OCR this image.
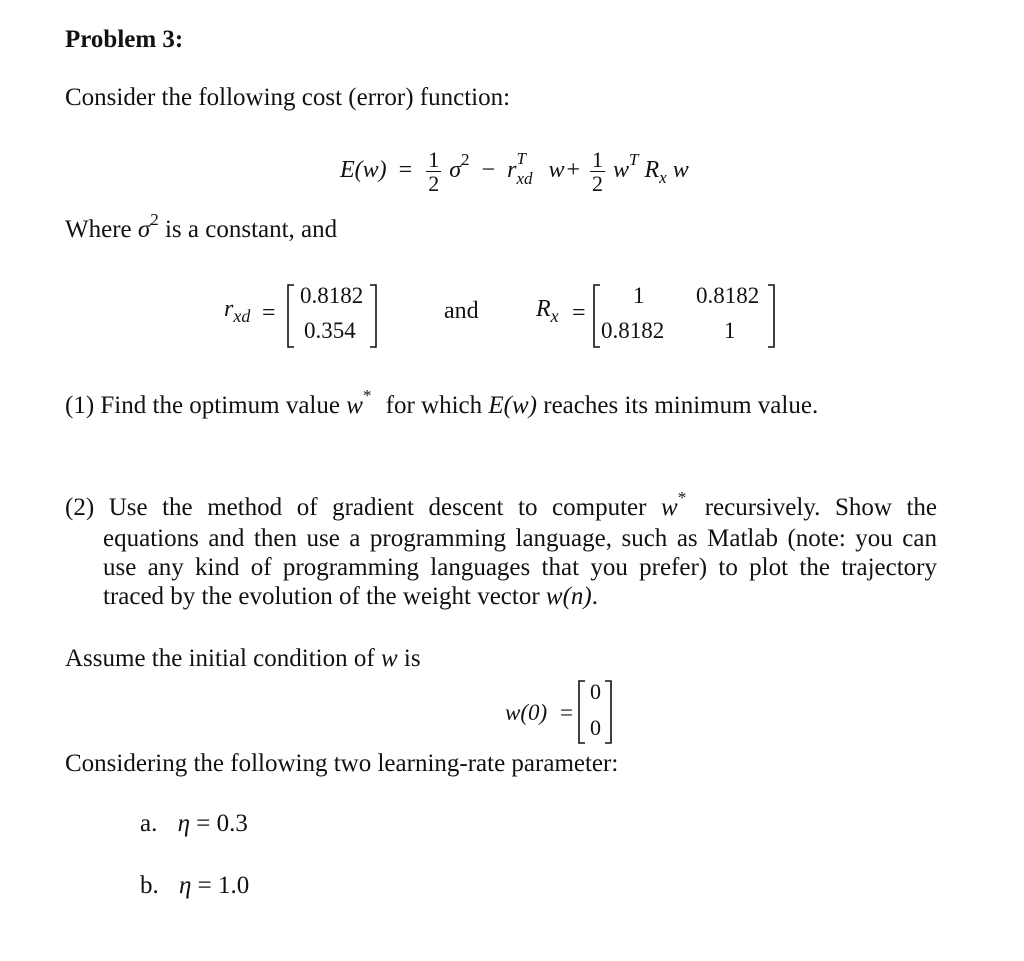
Problem 3:
Consider the following cost (error) function:
$E(w) = \frac{1}{2} \sigma^2 - r$ T
xd $w+ \frac{1}{2} w^T$ $R_x$ w
Where $\sigma^2$ is a constant, and
$r_{xd}$ =
0.8182
0.354
and $R_x$ =
1 0.8182
0.8182	1
(1) Find the optimum value w* for which E(w) reaches its minimum value.
(2) Use the method of gradient descent to computer w* recursively. Show the
equations and then use a programming language, such as Matlab (note: you can
use any kind of programming languages that you prefer) to plot the trajectory
traced by the evolution of the weight vector w(n).
Assume the initial condition of w is
w(0) =
0
0
Considering the following two learning-rate parameter:
a. η = 0.3
b. η = 1.0
